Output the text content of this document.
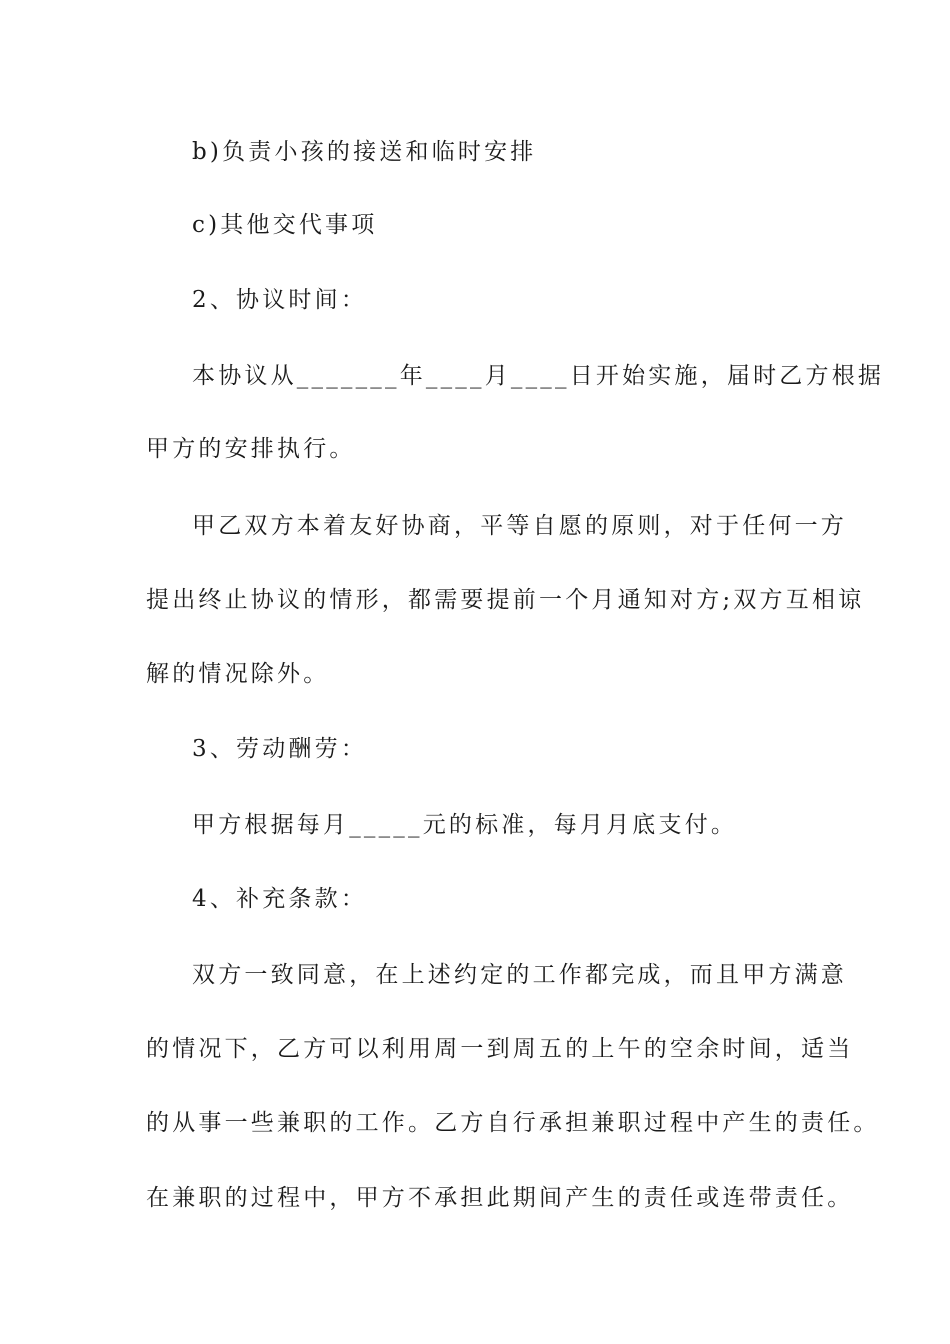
b)负责小孩的接送和临时安排

c)其他交代事项

2、协议时间：

本协议从_______年____月____日开始实施，届时乙方根据

甲方的安排执行。

甲乙双方本着友好协商，平等自愿的原则，对于任何一方

提出终止协议的情形，都需要提前一个月通知对方;双方互相谅

解的情况除外。

3、劳动酬劳：

甲方根据每月_____元的标准，每月月底支付。

4、补充条款：

双方一致同意，在上述约定的工作都完成，而且甲方满意

的情况下，乙方可以利用周一到周五的上午的空余时间，适当

的从事一些兼职的工作。乙方自行承担兼职过程中产生的责任。

在兼职的过程中，甲方不承担此期间产生的责任或连带责任。
